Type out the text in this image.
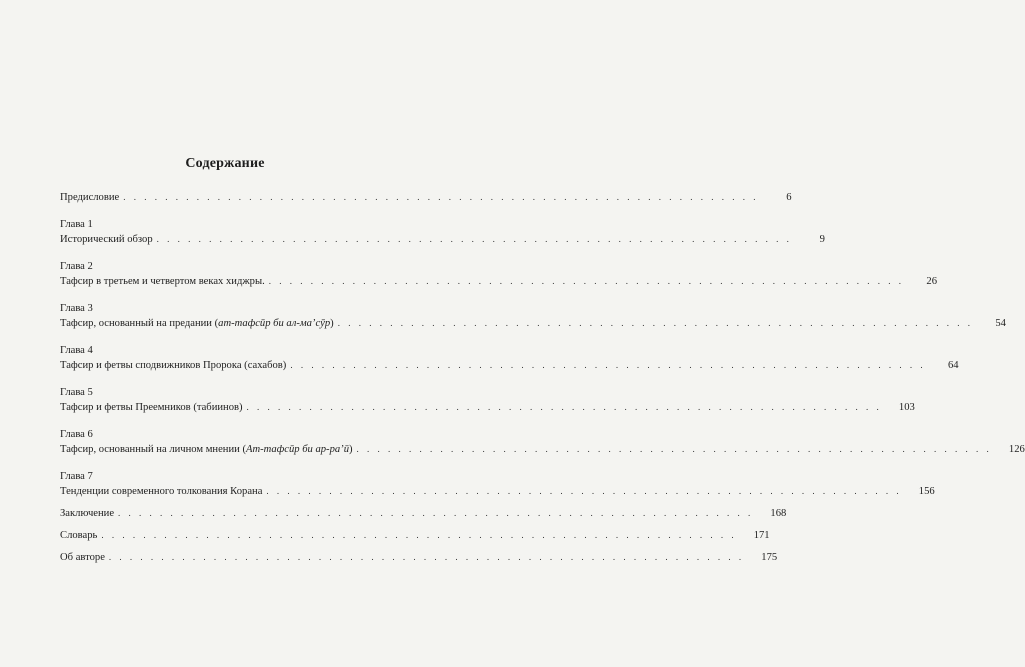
Содержание
Предисловие . . .	6
Глава 1
Исторический обзор . . .	9
Глава 2
Тафсир в третьем и четвертом веках хиджры. . . .	26
Глава 3
Тафсир, основанный на предании (ат-тафсӣр би ал-ма’сӯр) . . .	54
Глава 4
Тафсир и фетвы сподвижников Пророка (сахабов) . . .	64
Глава 5
Тафсир и фетвы Преемников (табиинов) . . .	103
Глава 6
Тафсир, основанный на личном мнении (Ат-тафсӣр би ар-ра’ӣ) . . .	126
Глава 7
Тенденции современного толкования Корана . . .	156
Заключение . . .	168
Словарь . . .	171
Об авторе . . .	175
